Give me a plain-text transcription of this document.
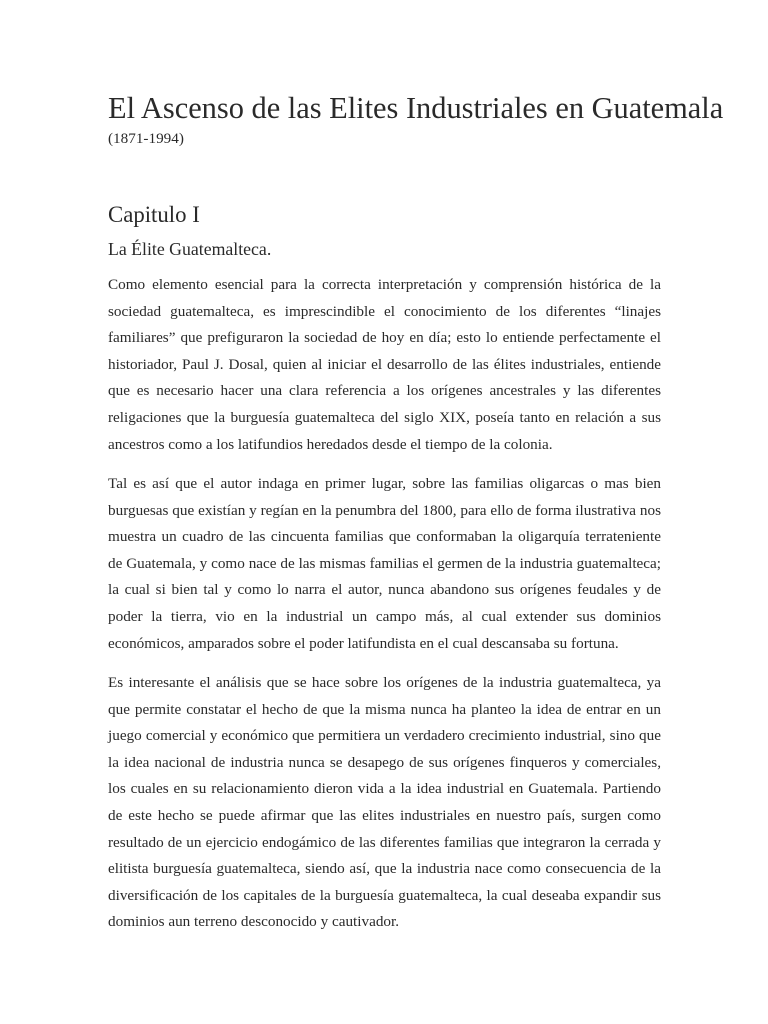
El Ascenso de las Elites Industriales en Guatemala

(1871-1994)

Capitulo I
La Élite Guatemalteca.

Como elemento esencial para la correcta interpretación y comprensión histórica de la sociedad guatemalteca, es imprescindible el conocimiento de los diferentes “linajes familiares” que prefiguraron la sociedad de hoy en día; esto lo entiende perfectamente el historiador, Paul J. Dosal, quien al iniciar el desarrollo de las élites industriales, entiende que es necesario hacer una clara referencia a los orígenes ancestrales y las diferentes religaciones que la burguesía guatemalteca del siglo XIX, poseía tanto en relación a sus ancestros como a los latifundios heredados desde el tiempo de la colonia.

Tal es así que el autor indaga en primer lugar, sobre las familias oligarcas o mas bien burguesas que existían y regían en la penumbra del 1800, para ello de forma ilustrativa nos muestra un cuadro de las cincuenta familias que conformaban la oligarquía terrateniente de Guatemala, y como nace de las mismas familias el germen de la industria guatemalteca; la cual si bien tal y como lo narra el autor, nunca abandono sus orígenes feudales y de poder la tierra, vio en la industrial un campo más, al cual extender sus dominios económicos, amparados sobre el poder latifundista en el cual descansaba su fortuna.

Es interesante el análisis que se hace sobre los orígenes de la industria guatemalteca, ya que permite constatar el hecho de que la misma nunca ha planteo la idea de entrar en un juego comercial y económico que permitiera un verdadero crecimiento industrial, sino que la idea nacional de industria nunca se desapego de sus orígenes finqueros y comerciales, los cuales en su relacionamiento dieron vida a la idea industrial en Guatemala. Partiendo de este hecho se puede afirmar que las elites industriales en nuestro país, surgen como resultado de un ejercicio endogámico de las diferentes familias que integraron la cerrada y elitista burguesía guatemalteca, siendo así, que la industria nace como consecuencia de la diversificación de los capitales de la burguesía guatemalteca, la cual deseaba expandir sus dominios aun terreno desconocido y cautivador.
